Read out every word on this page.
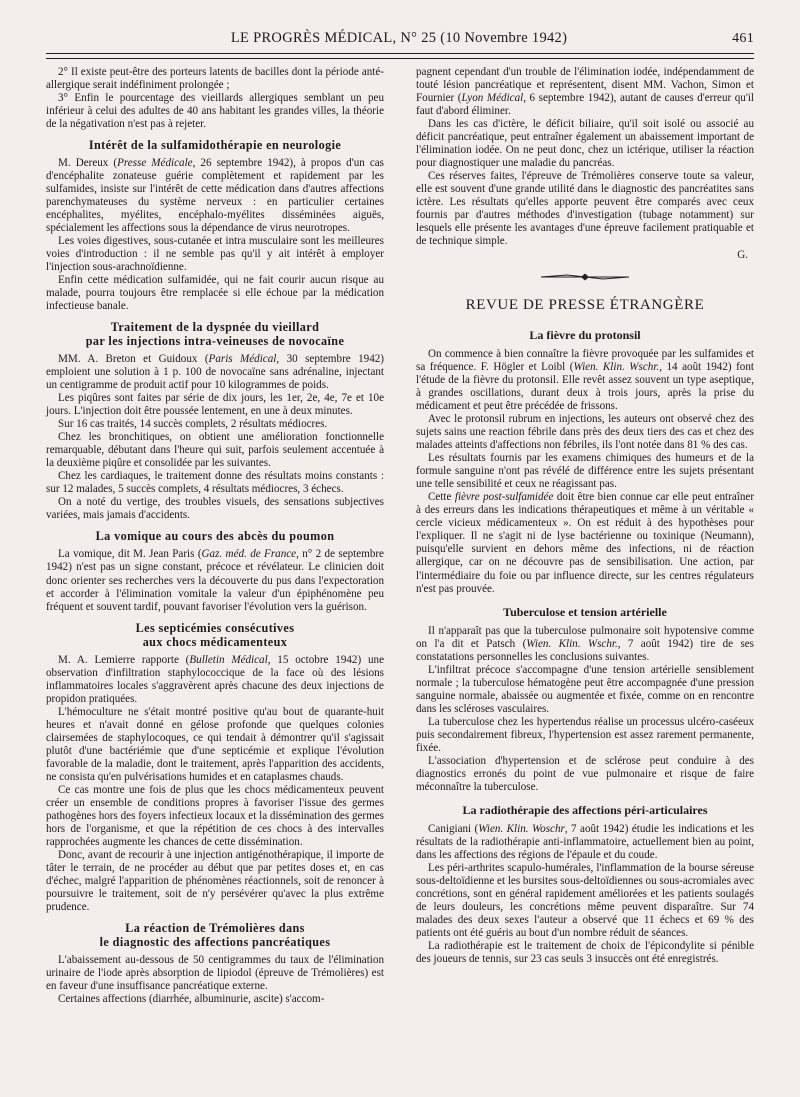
LE PROGRÈS MÉDICAL, N° 25 (10 Novembre 1942)	461

2° Il existe peut-être des porteurs latents de bacilles dont la période anté-allergique serait indéfiniment prolongée ;

3° Enfin le pourcentage des vieillards allergiques semblant un peu inférieur à celui des adultes de 40 ans habitant les grandes villes, la théorie de la négativation n'est pas à rejeter.

Intérêt de la sulfamidothérapie en neurologie

M. Dereux (Presse Médicale, 26 septembre 1942), à propos d'un cas d'encéphalite zonateuse guérie complètement et rapidement par les sulfamides, insiste sur l'intérêt de cette médication dans d'autres affections parenchymateuses du système nerveux : en particulier certaines encéphalites, myélites, encéphalo-myélites disséminées aiguës, spécialement les affections sous la dépendance de virus neurotropes.

Les voies digestives, sous-cutanée et intra musculaire sont les meilleures voies d'introduction : il ne semble pas qu'il y ait intérêt à employer l'injection sous-arachnoïdienne.

Enfin cette médication sulfamidée, qui ne fait courir aucun risque au malade, pourra toujours être remplacée si elle échoue par la médication infectieuse banale.

Traitement de la dyspnée du vieillard
par les injections intra-veineuses de novocaïne

MM. A. Breton et Guidoux (Paris Médical, 30 septembre 1942) emploient une solution à 1 p. 100 de novocaïne sans adrénaline, injectant un centigramme de produit actif pour 10 kilogrammes de poids.

Les piqûres sont faites par série de dix jours, les 1er, 2e, 4e, 7e et 10e jours. L'injection doit être poussée lentement, en une à deux minutes.

Sur 16 cas traités, 14 succès complets, 2 résultats médiocres.

Chez les bronchitiques, on obtient une amélioration fonctionnelle remarquable, débutant dans l'heure qui suit, parfois seulement accentuée à la deuxième piqûre et consolidée par les suivantes.

Chez les cardiaques, le traitement donne des résultats moins constants : sur 12 malades, 5 succès complets, 4 résultats médiocres, 3 échecs.

On a noté du vertige, des troubles visuels, des sensations subjectives variées, mais jamais d'accidents.

La vomique au cours des abcès du poumon

La vomique, dit M. Jean Paris (Gaz. méd. de France, n° 2 de septembre 1942) n'est pas un signe constant, précoce et révélateur. Le clinicien doit donc orienter ses recherches vers la découverte du pus dans l'expectoration et accorder à l'élimination vomitale la valeur d'un épiphénomène peu fréquent et souvent tardif, pouvant favoriser l'évolution vers la guérison.

Les septicémies consécutives
aux chocs médicamenteux

M. A. Lemierre rapporte (Bulletin Médical, 15 octobre 1942) une observation d'infiltration staphylococcique de la face où des lésions inflammatoires locales s'aggravèrent après chacune des deux injections de propidon pratiquées.

L'hémoculture ne s'était montré positive qu'au bout de quarante-huit heures et n'avait donné en gélose profonde que quelques colonies clairsemées de staphylocoques, ce qui tendait à démontrer qu'il s'agissait plutôt d'une bactériémie que d'une septicémie et explique l'évolution favorable de la maladie, dont le traitement, après l'apparition des accidents, ne consista qu'en pulvérisations humides et en cataplasmes chauds.

Ce cas montre une fois de plus que les chocs médicamenteux peuvent créer un ensemble de conditions propres à favoriser l'issue des germes pathogènes hors des foyers infectieux locaux et la dissémination des germes hors de l'organisme, et que la répétition de ces chocs à des intervalles rapprochées augmente les chances de cette dissémination.

Donc, avant de recourir à une injection antigénothérapique, il importe de tâter le terrain, de ne procéder au début que par petites doses et, en cas d'échec, malgré l'apparition de phénomènes réactionnels, soit de renoncer à poursuivre le traitement, soit de n'y persévérer qu'avec la plus extrême prudence.

La réaction de Trémolières dans
le diagnostic des affections pancréatiques

L'abaissement au-dessous de 50 centigrammes du taux de l'élimination urinaire de l'iode après absorption de lipiodol (épreuve de Trémolières) est en faveur d'une insuffisance pancréatique externe.

Certaines affections (diarrhée, albuminurie, ascite) s'accom-

pagnent cependant d'un trouble de l'élimination iodée, indépendamment de touté lésion pancréatique et représentent, disent MM. Vachon, Simon et Fournier (Lyon Médical, 6 septembre 1942), autant de causes d'erreur qu'il faut d'abord éliminer.

Dans les cas d'ictère, le déficit biliaire, qu'il soit isolé ou associé au déficit pancréatique, peut entraîner également un abaissement important de l'élimination iodée. On ne peut donc, chez un ictérique, utiliser la réaction pour diagnostiquer une maladie du pancréas.

Ces réserves faites, l'épreuve de Trémolières conserve toute sa valeur, elle est souvent d'une grande utilité dans le diagnostic des pancréatites sans ictère. Les résultats qu'elles apporte peuvent être comparés avec ceux fournis par d'autres méthodes d'investigation (tubage notamment) sur lesquels elle présente les avantages d'une épreuve facilement pratiquable et de technique simple.

G.
REVUE DE PRESSE ÉTRANGÈRE
La fièvre du protonsil

On commence à bien connaître la fièvre provoquée par les sulfamides et sa fréquence. F. Högler et Loibl (Wien. Klin. Wschr., 14 août 1942) font l'étude de la fièvre du protonsil. Elle revêt assez souvent un type aseptique, à grandes oscillations, durant deux à trois jours, après la prise du médicament et peut être précédée de frissons.

Avec le protonsil rubrum en injections, les auteurs ont observé chez des sujets sains une reaction fébrile dans près des deux tiers des cas et chez des malades atteints d'affections non fébriles, ils l'ont notée dans 81 % des cas.

Les résultats fournis par les examens chimiques des humeurs et de la formule sanguine n'ont pas révélé de différence entre les sujets présentant une telle sensibilité et ceux ne réagissant pas.

Cette fièvre post-sulfamidée doit être bien connue car elle peut entraîner à des erreurs dans les indications thérapeutiques et même à un véritable « cercle vicieux médicamenteux ». On est réduit à des hypothèses pour l'expliquer. Il ne s'agit ni de lyse bactérienne ou toxinique (Neumann), puisqu'elle survient en dehors même des infections, ni de réaction allergique, car on ne découvre pas de sensibilisation. Une action, par l'intermédiaire du foie ou par influence directe, sur les centres régulateurs n'est pas prouvée.

Tuberculose et tension artérielle

Il n'apparaît pas que la tuberculose pulmonaire soit hypotensive comme on l'a dit et Patsch (Wien. Klin. Wschr., 7 août 1942) tire de ses constatations personnelles les conclusions suivantes.

L'infiltrat précoce s'accompagne d'une tension artérielle sensiblement normale ; la tuberculose hématogène peut être accompagnée d'une pression sanguine normale, abaissée ou augmentée et fixée, comme on en rencontre dans les scléroses vasculaires.

La tuberculose chez les hypertendus réalise un processus ulcéro-caséeux puis secondairement fibreux, l'hypertension est assez rarement permanente, fixée.

L'association d'hypertension et de sclérose peut conduire à des diagnostics erronés du point de vue pulmonaire et risque de faire méconnaître la tuberculose.

La radiothérapie des affections péri-articulaires

Canigiani (Wien. Klin. Woschr, 7 août 1942) étudie les indications et les résultats de la radiothérapie anti-inflammatoire, actuellement bien au point, dans les affections des régions de l'épaule et du coude.

Les péri-arthrites scapulo-humérales, l'inflammation de la bourse séreuse sous-deltoïdienne et les bursites sous-deltoïdiennes ou sous-acromiales avec concrétions, sont en général rapidement améliorées et les patients soulagés de leurs douleurs, les concrétions même peuvent disparaître. Sur 74 malades des deux sexes l'auteur a observé que 11 échecs et 69 % des patients ont été guéris au bout d'un nombre réduit de séances.

La radiothérapie est le traitement de choix de l'épicondylite si pénible des joueurs de tennis, sur 23 cas seuls 3 insuccès ont été enregistrés.
